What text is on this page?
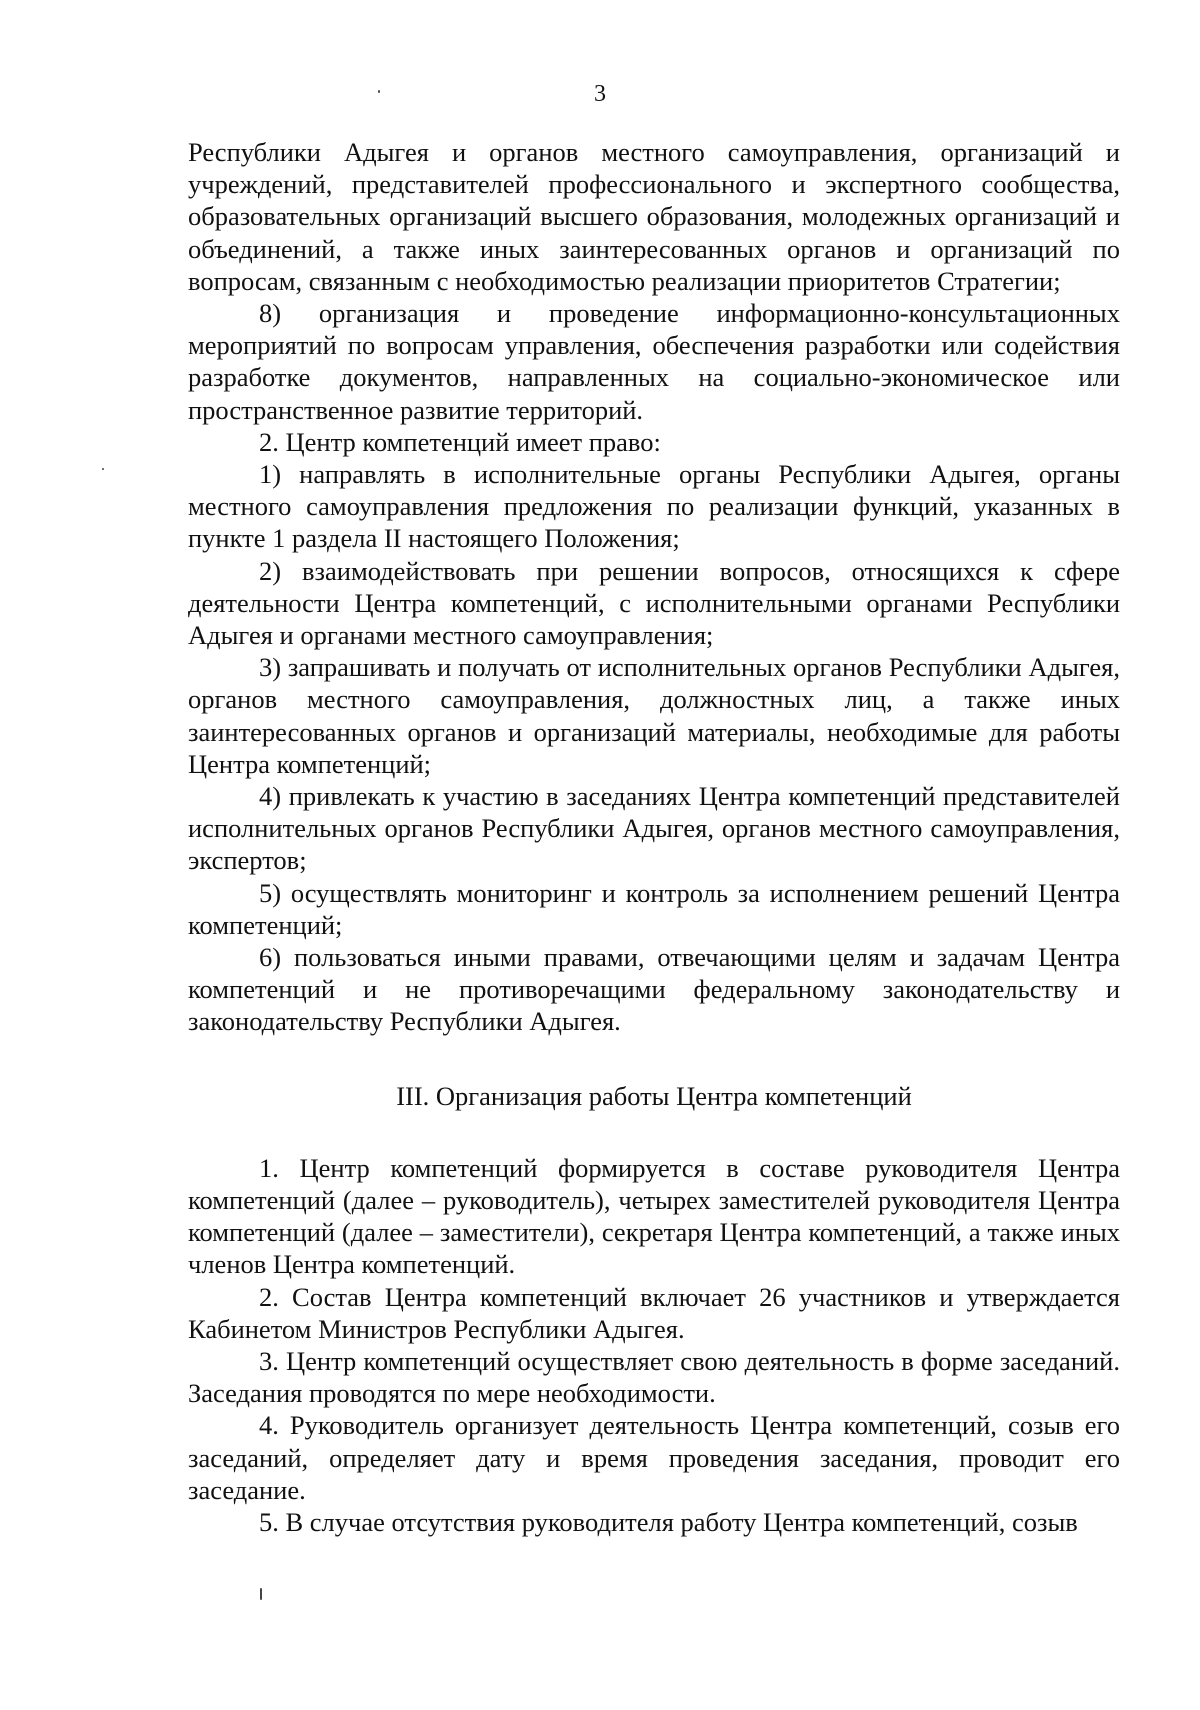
3

Республики Адыгея и органов местного самоуправления, организаций и учреждений, представителей профессионального и экспертного сообщества, образовательных организаций высшего образования, молодежных организаций и объединений, а также иных заинтересованных органов и организаций по вопросам, связанным с необходимостью реализации приоритетов Стратегии;

8) организация и проведение информационно-консультационных мероприятий по вопросам управления, обеспечения разработки или содействия разработке документов, направленных на социально-экономическое или пространственное развитие территорий.

2. Центр компетенций имеет право:

1) направлять в исполнительные органы Республики Адыгея, органы местного самоуправления предложения по реализации функций, указанных в пункте 1 раздела II настоящего Положения;

2) взаимодействовать при решении вопросов, относящихся к сфере деятельности Центра компетенций, с исполнительными органами Республики Адыгея и органами местного самоуправления;

3) запрашивать и получать от исполнительных органов Республики Адыгея, органов местного самоуправления, должностных лиц, а также иных заинтересованных органов и организаций материалы, необходимые для работы Центра компетенций;

4) привлекать к участию в заседаниях Центра компетенций представителей исполнительных органов Республики Адыгея, органов местного самоуправления, экспертов;

5) осуществлять мониторинг и контроль за исполнением решений Центра компетенций;

6) пользоваться иными правами, отвечающими целям и задачам Центра компетенций и не противоречащими федеральному законодательству и законодательству Республики Адыгея.

III. Организация работы Центра компетенций

1. Центр компетенций формируется в составе руководителя Центра компетенций (далее – руководитель), четырех заместителей руководителя Центра компетенций (далее – заместители), секретаря Центра компетенций, а также иных членов Центра компетенций.

2. Состав Центра компетенций включает 26 участников и утверждается Кабинетом Министров Республики Адыгея.

3. Центр компетенций осуществляет свою деятельность в форме заседаний. Заседания проводятся по мере необходимости.

4. Руководитель организует деятельность Центра компетенций, созыв его заседаний, определяет дату и время проведения заседания, проводит его заседание.

5. В случае отсутствия руководителя работу Центра компетенций, созыв
